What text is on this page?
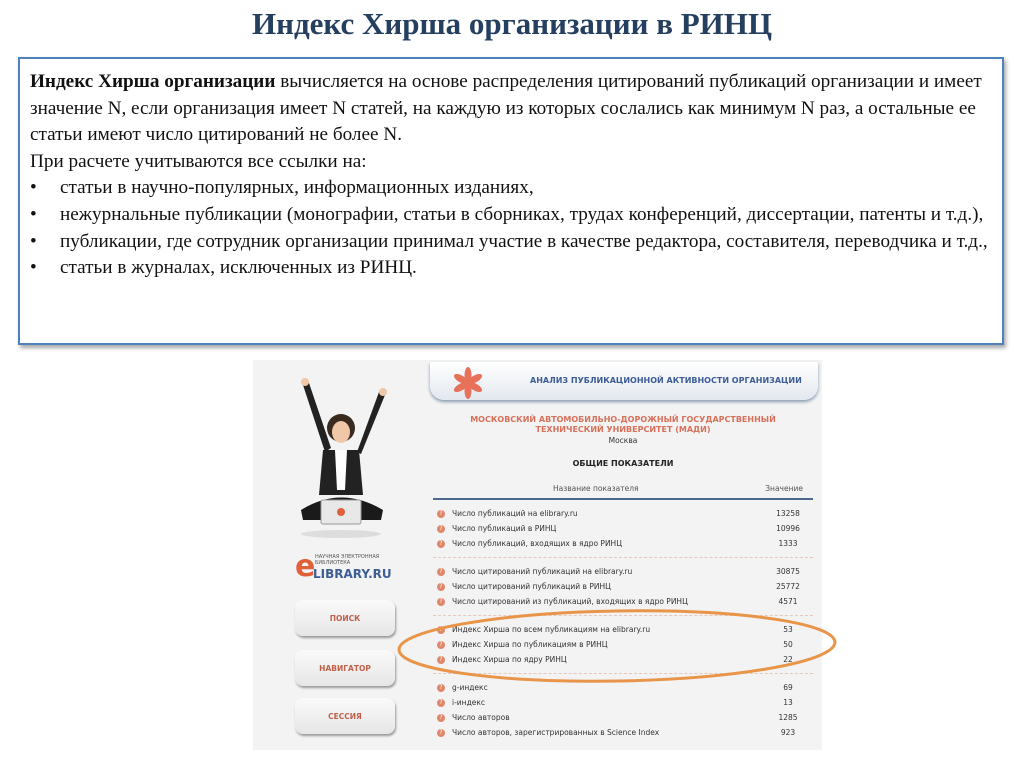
Индекс Хирша организации в РИНЦ

Индекс Хирша организации вычисляется на основе распределения цитирований публикаций организации и имеет значение N, если организация имеет N статей, на каждую из которых сослались как минимум N раз, а остальные ее статьи имеют число цитирований не более N.

При расчете учитываются все ссылки на:

•	статьи в научно-популярных, информационных изданиях,
•	нежурнальные публикации (монографии, статьи в сборниках, трудах конференций, диссертации, патенты и т.д.),
•	публикации, где сотрудник организации принимал участие в качестве редактора, составителя, переводчика и т.д.,
•	статьи в журналах, исключенных из РИНЦ.
e НАУЧНАЯ ЭЛЕКТРОННАЯ БИБЛИОТЕКА
LIBRARY.RU
ПОИСК
НАВИГАТОР
СЕССИЯ
АНАЛИЗ ПУБЛИКАЦИОННОЙ АКТИВНОСТИ ОРГАНИЗАЦИИ
МОСКОВСКИЙ АВТОМОБИЛЬНО-ДОРОЖНЫЙ ГОСУДАРСТВЕННЫЙ ТЕХНИЧЕСКИЙ УНИВЕРСИТЕТ (МАДИ)
Москва
ОБЩИЕ ПОКАЗАТЕЛИ
Название показателя	Значение
?	Число публикаций на elibrary.ru	13258
?	Число публикаций в РИНЦ	10996
?	Число публикаций, входящих в ядро РИНЦ	1333
?	Число цитирований публикаций на elibrary.ru	30875
?	Число цитирований публикаций в РИНЦ	25772
?	Число цитирований из публикаций, входящих в ядро РИНЦ	4571
?	Индекс Хирша по всем публикациям на elibrary.ru	53
?	Индекс Хирша по публикациям в РИНЦ	50
?	Индекс Хирша по ядру РИНЦ	22
?	g-индекс	69
?	i-индекс	13
?	Число авторов	1285
?	Число авторов, зарегистрированных в Science Index	923
